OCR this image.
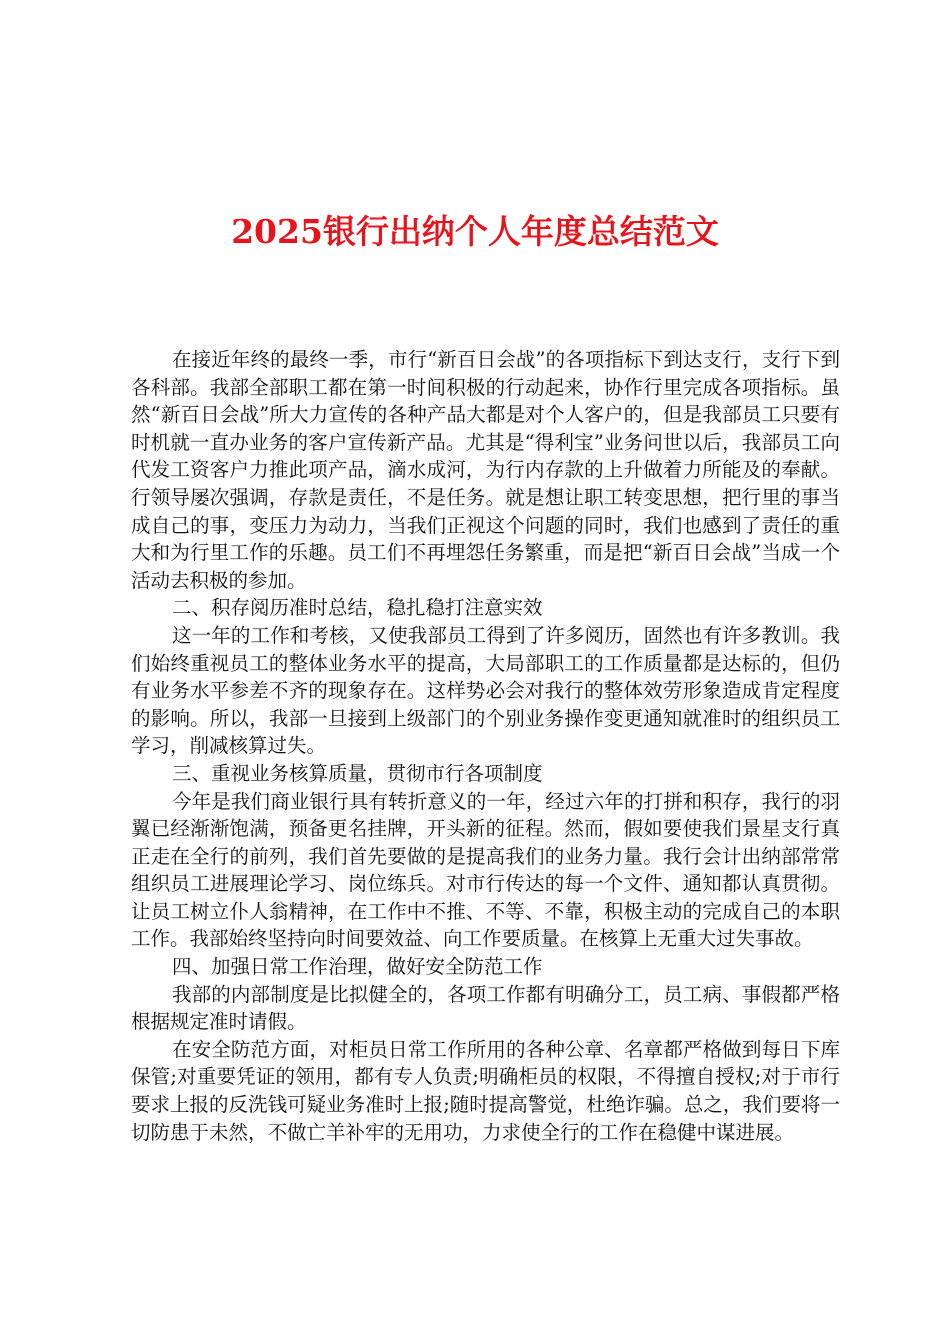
2025银行出纳个人年度总结范文

在接近年终的最终一季，市行“新百日会战”的各项指标下到达支行，支行下到各科部。我部全部职工都在第一时间积极的行动起来，协作行里完成各项指标。虽然“新百日会战”所大力宣传的各种产品大都是对个人客户的，但是我部员工只要有时机就一直办业务的客户宣传新产品。尤其是“得利宝”业务问世以后，我部员工向代发工资客户力推此项产品，滴水成河，为行内存款的上升做着力所能及的奉献。行领导屡次强调，存款是责任，不是任务。就是想让职工转变思想，把行里的事当成自己的事，变压力为动力，当我们正视这个问题的同时，我们也感到了责任的重大和为行里工作的乐趣。员工们不再埋怨任务繁重，而是把“新百日会战”当成一个活动去积极的参加。

二、积存阅历准时总结，稳扎稳打注意实效

这一年的工作和考核，又使我部员工得到了许多阅历，固然也有许多教训。我们始终重视员工的整体业务水平的提高，大局部职工的工作质量都是达标的，但仍有业务水平参差不齐的现象存在。这样势必会对我行的整体效劳形象造成肯定程度的影响。所以，我部一旦接到上级部门的个别业务操作变更通知就准时的组织员工学习，削减核算过失。

三、重视业务核算质量，贯彻市行各项制度

今年是我们商业银行具有转折意义的一年，经过六年的打拼和积存，我行的羽翼已经渐渐饱满，预备更名挂牌，开头新的征程。然而，假如要使我们景星支行真正走在全行的前列，我们首先要做的是提高我们的业务力量。我行会计出纳部常常组织员工进展理论学习、岗位练兵。对市行传达的每一个文件、通知都认真贯彻。让员工树立仆人翁精神，在工作中不推、不等、不靠，积极主动的完成自己的本职工作。我部始终坚持向时间要效益、向工作要质量。在核算上无重大过失事故。

四、加强日常工作治理，做好安全防范工作

我部的内部制度是比拟健全的，各项工作都有明确分工，员工病、事假都严格根据规定准时请假。

在安全防范方面，对柜员日常工作所用的各种公章、名章都严格做到每日下库保管;对重要凭证的领用，都有专人负责;明确柜员的权限，不得擅自授权;对于市行要求上报的反洗钱可疑业务准时上报;随时提高警觉，杜绝诈骗。总之，我们要将一切防患于未然，不做亡羊补牢的无用功，力求使全行的工作在稳健中谋进展。
